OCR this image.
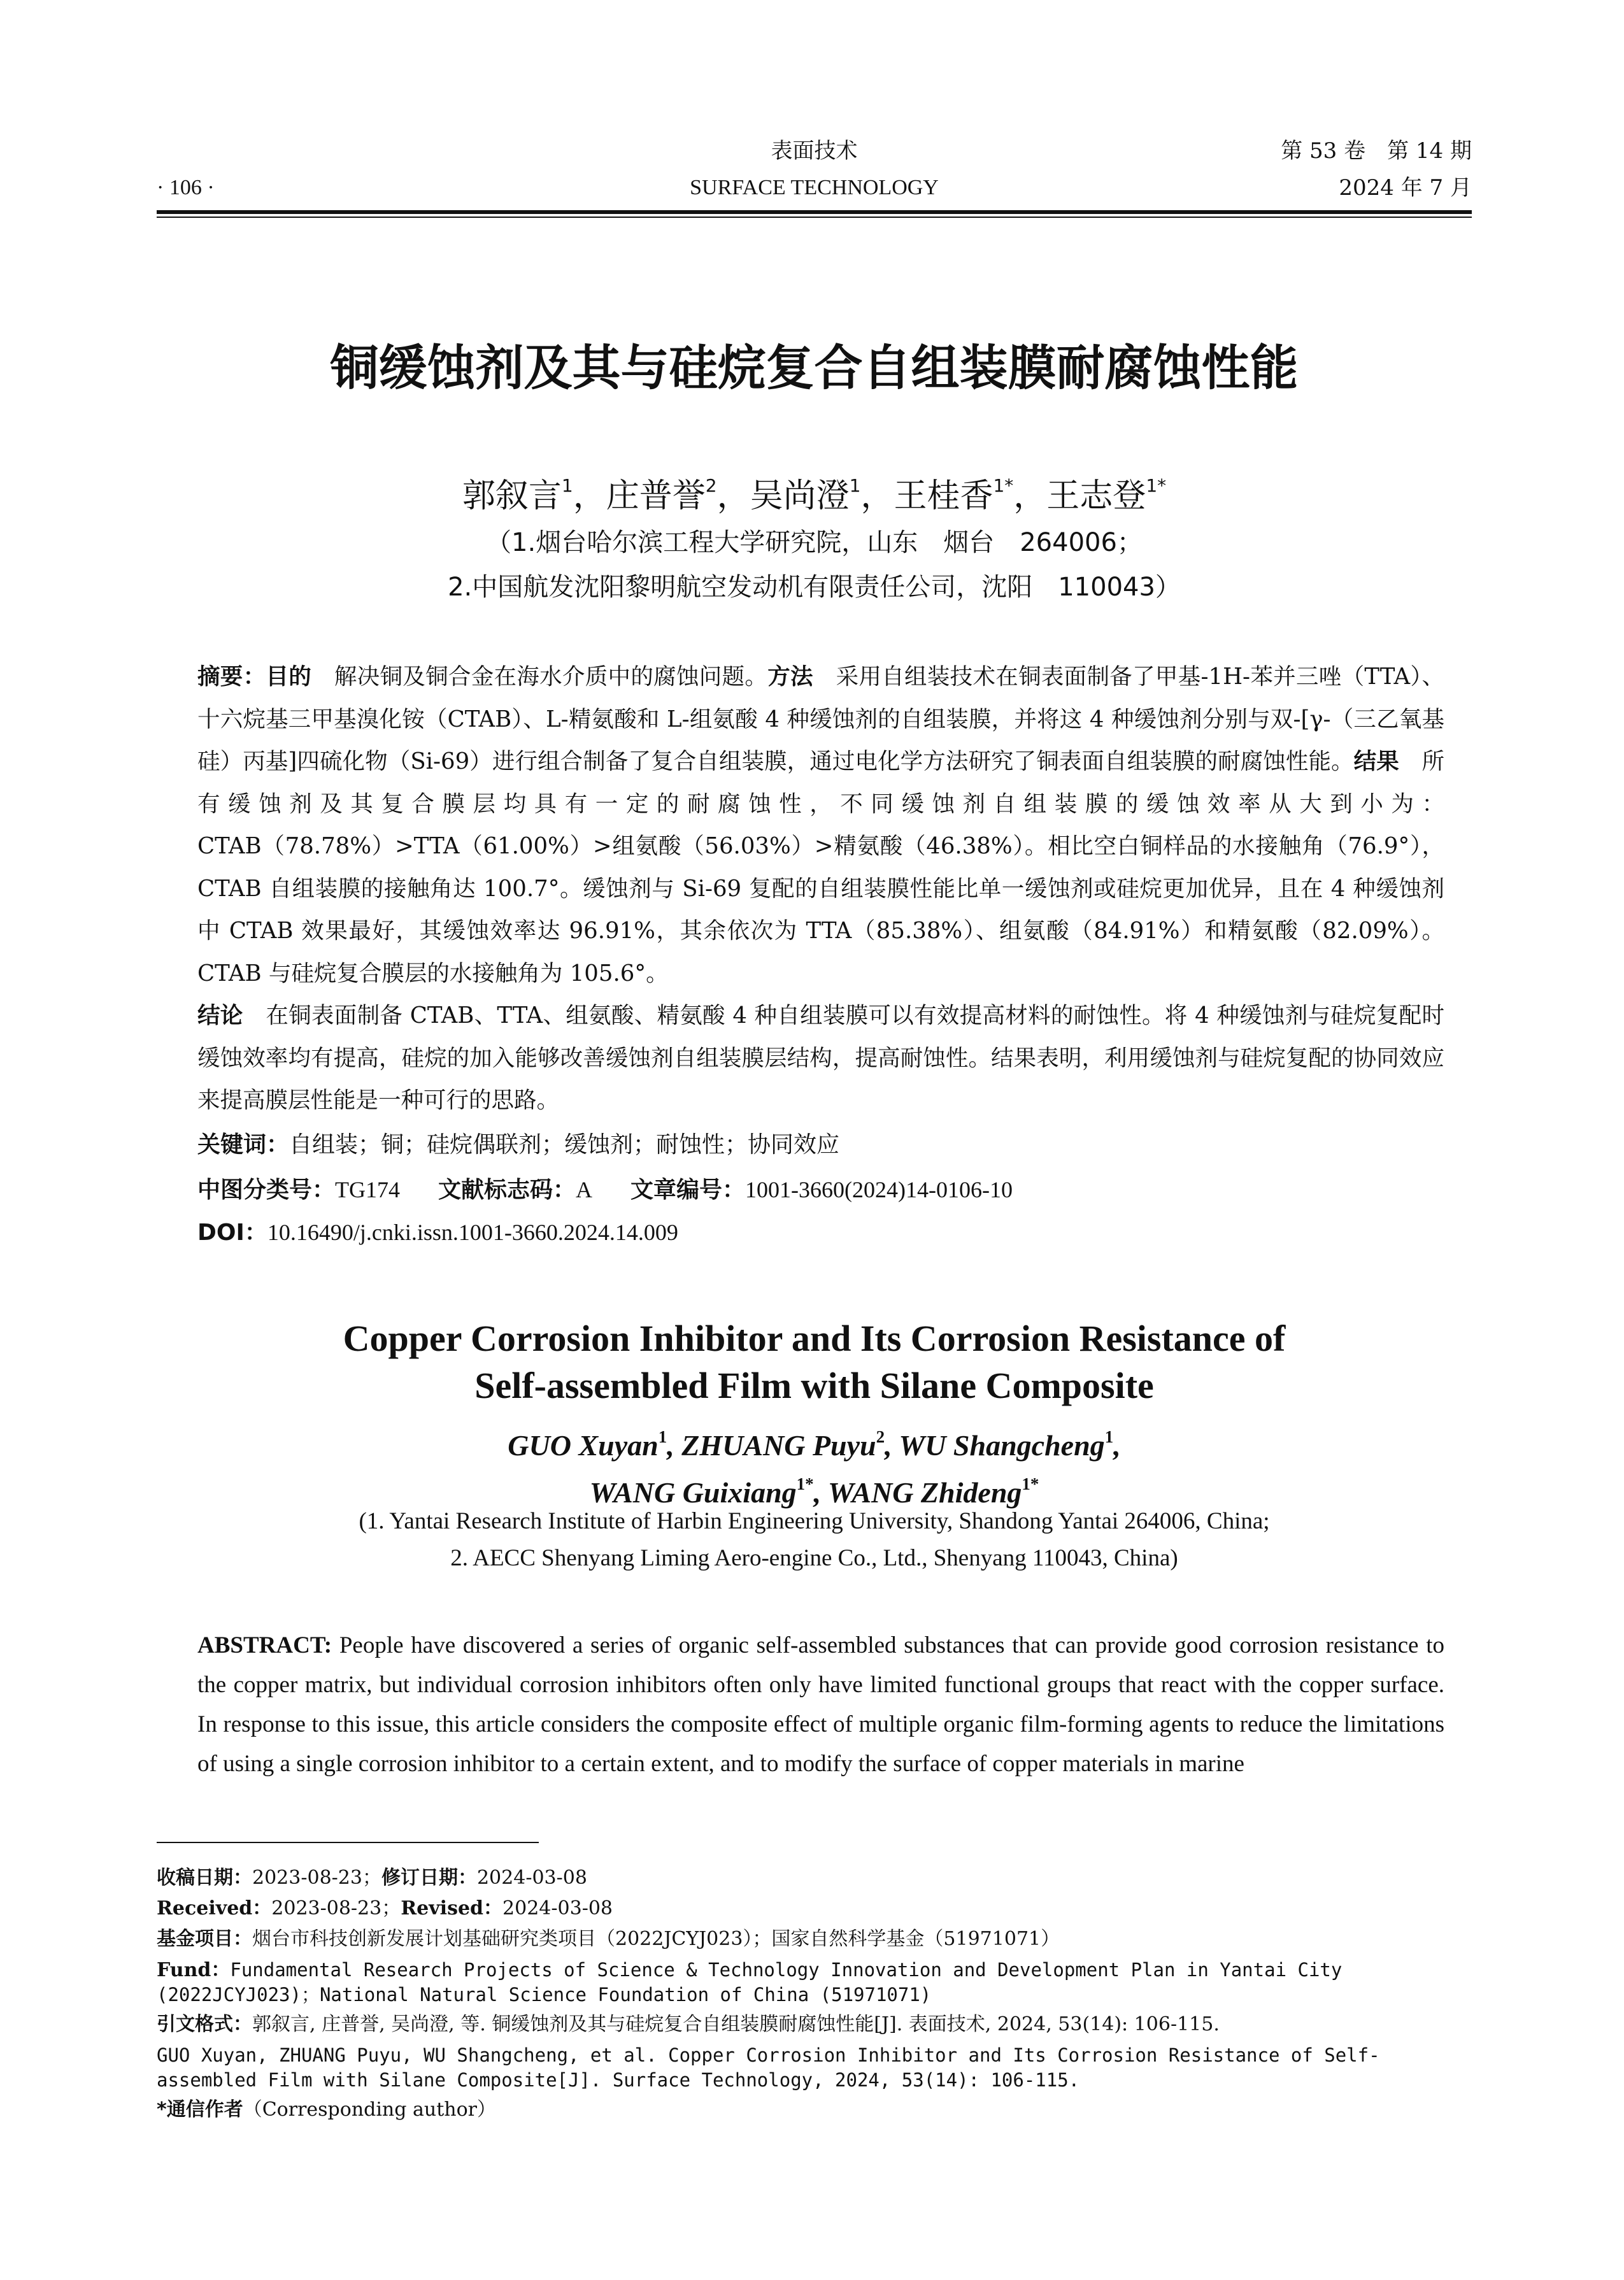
· 106 ·
表面技术
SURFACE TECHNOLOGY
第 53 卷　第 14 期
2024 年 7 月
铜缓蚀剂及其与硅烷复合自组装膜耐腐蚀性能
郭叙言$^1$，庄普誉$^2$，吴尚澄$^1$，王桂香$^{1*}$，王志登$^{1*}$
（1.烟台哈尔滨工程大学研究院，山东　烟台　264006；
2.中国航发沈阳黎明航空发动机有限责任公司，沈阳　110043）
摘要：目的　 解决铜及铜合金在海水介质中的腐蚀问题。方法　 采用自组装技术在铜表面制备了甲基-1H-苯并三唑（TTA）、十六烷基三甲基溴化铵（CTAB）、L-精氨酸和 L-组氨酸 4 种缓蚀剂的自组装膜，并将这 4 种缓蚀剂分别与双-[γ-（三乙氧基硅）丙基]四硫化物（Si-69）进行组合制备了复合自组装膜，通过电化学方法研究了铜表面自组装膜的耐腐蚀性能。结果　 所有缓蚀剂及其复合膜层均具有一定的耐腐蚀性，不同缓蚀剂自组装膜的缓蚀效率从大到小为：CTAB（78.78%）>TTA（61.00%）>组氨酸（56.03%）>精氨酸（46.38%）。相比空白铜样品的水接触角（76.9°），CTAB 自组装膜的接触角达 100.7°。缓蚀剂与 Si-69 复配的自组装膜性能比单一缓蚀剂或硅烷更加优异，且在 4 种缓蚀剂中 CTAB 效果最好，其缓蚀效率达 96.91%，其余依次为 TTA（85.38%）、组氨酸（84.91%）和精氨酸（82.09%）。CTAB 与硅烷复合膜层的水接触角为 105.6°。
结论　 在铜表面制备 CTAB、TTA、组氨酸、精氨酸 4 种自组装膜可以有效提高材料的耐蚀性。将 4 种缓蚀剂与硅烷复配时缓蚀效率均有提高，硅烷的加入能够改善缓蚀剂自组装膜层结构，提高耐蚀性。结果表明，利用缓蚀剂与硅烷复配的协同效应来提高膜层性能是一种可行的思路。
关键词：自组装；铜；硅烷偶联剂；缓蚀剂；耐蚀性；协同效应
中图分类号：TG174 文献标志码：A 文章编号：1001-3660(2024)14-0106-10
DOI：10.16490/j.cnki.issn.1001-3660.2024.14.009
Copper Corrosion Inhibitor and Its Corrosion Resistance of
Self-assembled Film with Silane Composite
GUO Xuyan$^1$, ZHUANG Puyu$^2$, WU Shangcheng$^1$,
WANG Guixiang$^{1*}$, WANG Zhideng$^{1*}$
(1. Yantai Research Institute of Harbin Engineering University, Shandong Yantai 264006, China;
2. AECC Shenyang Liming Aero-engine Co., Ltd., Shenyang 110043, China)
ABSTRACT: People have discovered a series of organic self-assembled substances that can provide good corrosion resistance to the copper matrix, but individual corrosion inhibitors often only have limited functional groups that react with the copper surface. In response to this issue, this article considers the composite effect of multiple organic film-forming agents to reduce the limitations of using a single corrosion inhibitor to a certain extent, and to modify the surface of copper materials in marine
收稿日期：2023-08-23；修订日期：2024-03-08
Received：2023-08-23；Revised：2024-03-08
基金项目：烟台市科技创新发展计划基础研究类项目（2022JCYJ023）；国家自然科学基金（51971071）
Fund：Fundamental Research Projects of Science & Technology Innovation and Development Plan in Yantai City (2022JCYJ023)；National Natural Science Foundation of China (51971071)
引文格式：郭叙言, 庄普誉, 吴尚澄, 等. 铜缓蚀剂及其与硅烷复合自组装膜耐腐蚀性能[J]. 表面技术, 2024, 53(14): 106-115.
GUO Xuyan, ZHUANG Puyu, WU Shangcheng, et al. Copper Corrosion Inhibitor and Its Corrosion Resistance of Self-assembled Film with Silane Composite[J]. Surface Technology, 2024, 53(14): 106-115.
*通信作者（Corresponding author）
